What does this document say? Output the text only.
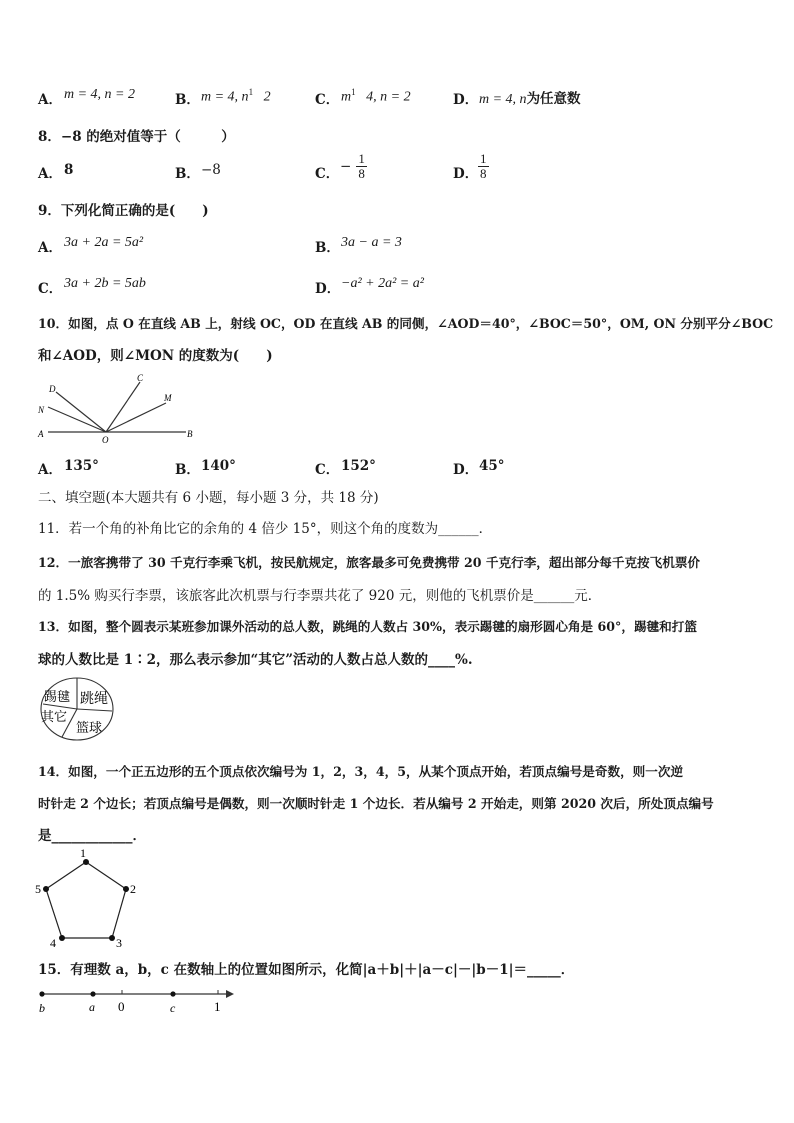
A． m = 4, n = 2	B． m = 4, $n^1$ 2	C． $m^1$ 4, n = 2	D． m = 4, n为任意数
8．−8 的绝对值等于（　　　）
A． 8	B． −8	C． − $\frac{1}{8}$	D． $\frac{1}{8}$
9．下列化简正确的是(　　)
A． 3a + 2a = 5a²	B． 3a − a = 3
C． 3a + 2b = 5ab	D． −a² + 2a² = a²
10．如图，点 O 在直线 AB 上，射线 OC，OD 在直线 AB 的同侧，∠AOD＝40°，∠BOC＝50°，OM, ON 分别平分∠BOC
和∠AOD，则∠MON 的度数为(　　)
A	B
O
D
N
C
M
A． 135°	B． 140°	C． 152°	D． 45°
二、填空题(本大题共有 6 小题，每小题 3 分，共 18 分)
11．若一个角的补角比它的余角的 4 倍少 15°，则这个角的度数为______．
12．一旅客携带了 30 千克行李乘飞机，按民航规定，旅客最多可免费携带 20 千克行李，超出部分每千克按飞机票价
的 1.5% 购买行李票，该旅客此次机票与行李票共花了 920 元，则他的飞机票价是______元．
13．如图，整个圆表示某班参加课外活动的总人数，跳绳的人数占 30%，表示踢毽的扇形圆心角是 60°，踢毽和打篮
球的人数比是 1∶2，那么表示参加“其它”活动的人数占总人数的____%.
踢毽 跳绳
其它
篮球
14．如图，一个正五边形的五个顶点依次编号为 1，2，3，4，5，从某个顶点开始，若顶点编号是奇数，则一次逆
时针走 2 个边长；若顶点编号是偶数，则一次顺时针走 1 个边长．若从编号 2 开始走，则第 2020 次后，所处顶点编号
是____________．
1
2
3
4
5
15．有理数 a，b，c 在数轴上的位置如图所示，化简|a＋b|＋|a－c|－|b－1|＝_____．
b	a 0	c	1
